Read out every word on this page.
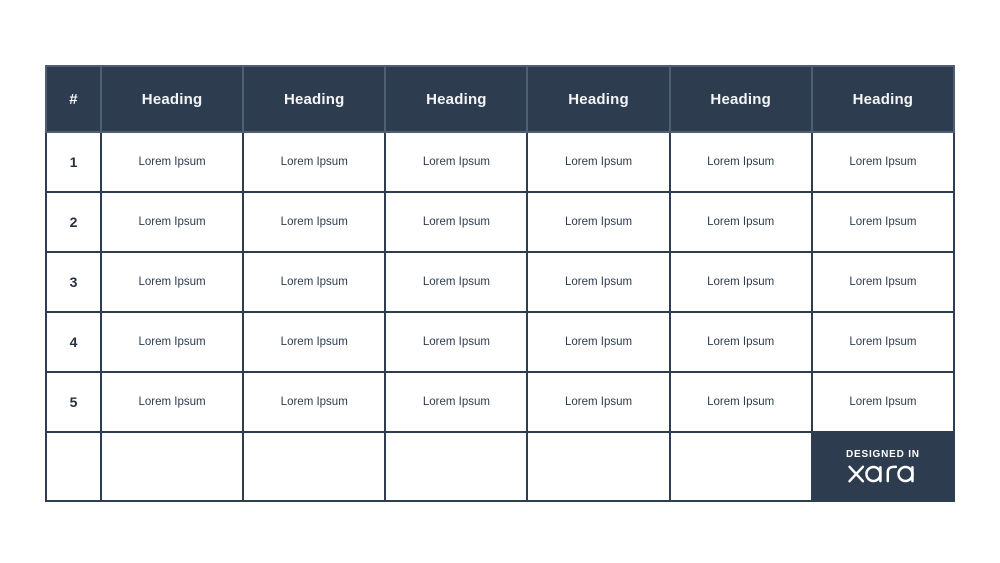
#	Heading	Heading	Heading	Heading	Heading	Heading
1	Lorem Ipsum	Lorem Ipsum	Lorem Ipsum	Lorem Ipsum	Lorem Ipsum	Lorem Ipsum
2	Lorem Ipsum	Lorem Ipsum	Lorem Ipsum	Lorem Ipsum	Lorem Ipsum	Lorem Ipsum
3	Lorem Ipsum	Lorem Ipsum	Lorem Ipsum	Lorem Ipsum	Lorem Ipsum	Lorem Ipsum
4	Lorem Ipsum	Lorem Ipsum	Lorem Ipsum	Lorem Ipsum	Lorem Ipsum	Lorem Ipsum
5	Lorem Ipsum	Lorem Ipsum	Lorem Ipsum	Lorem Ipsum	Lorem Ipsum	Lorem Ipsum

						DESIGNED IN
